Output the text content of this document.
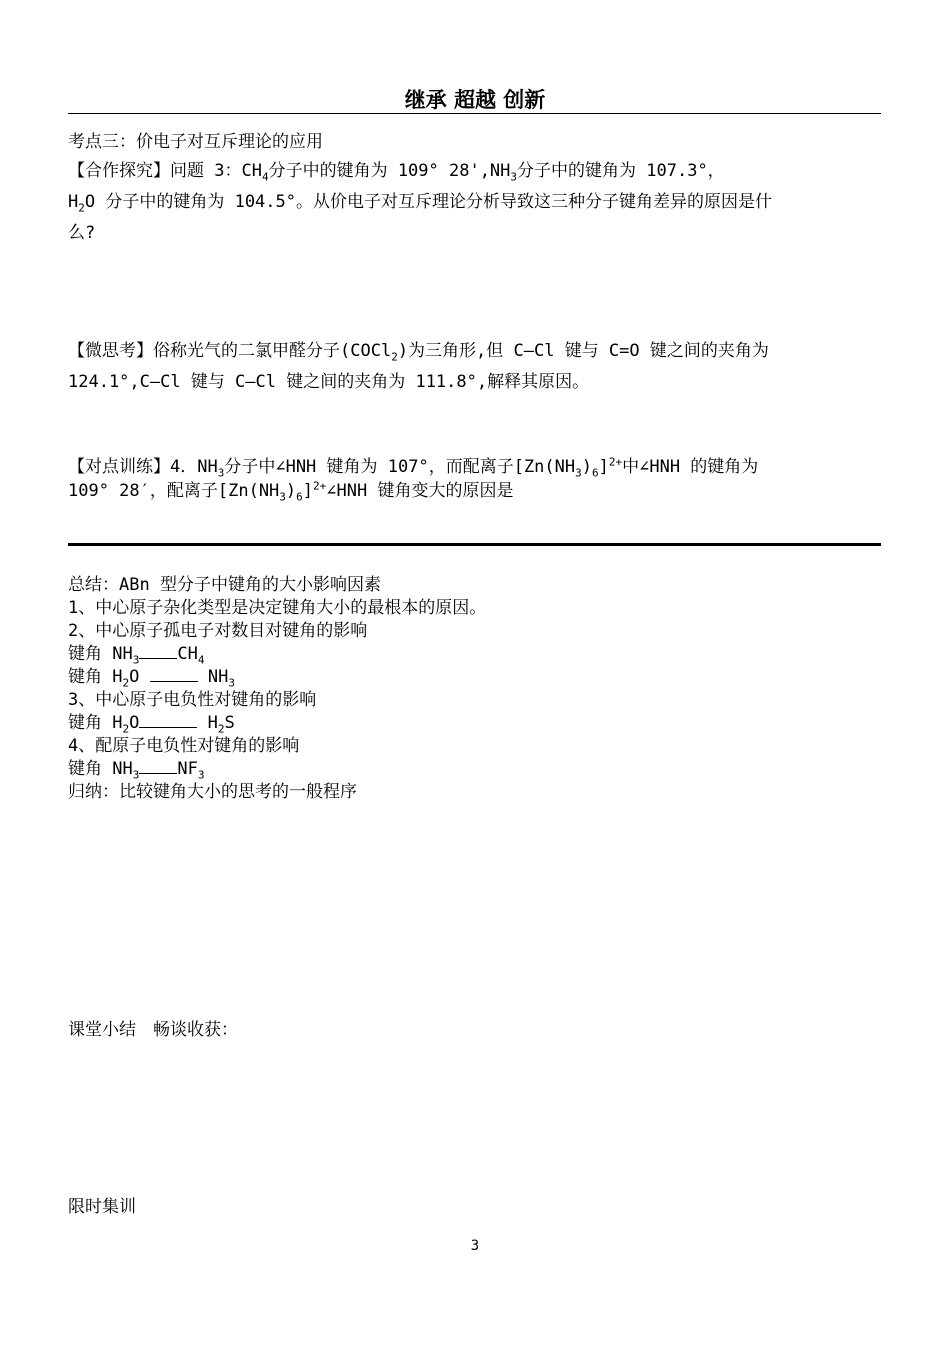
继承 超越 创新
考点三：价电子对互斥理论的应用
【合作探究】问题 3：$CH_4$分子中的键角为 109° $28',NH_3$分子中的键角为 107.3°，
$H_2O$ 分子中的键角为 104.5°。从价电子对互斥理论分析导致这三种分子键角差异的原因是什
么?
【微思考】俗称光气的二氯甲醛分子(COCl$_2$)为三角形,但 C—Cl 键与 C=O 键之间的夹角为
124.1°,C—Cl 键与 C—Cl 键之间的夹角为 111.8°,解释其原因。
【对点训练】4．$NH_3$分子中∠HNH 键角为 107°，而配离子$[Zn(NH_3)_6]^{2+}$中∠HNH 的键角为
109° 28′，配离子$[Zn(NH_3)_6]^{2+}\angle HNH$ 键角变大的原因是
总结：ABn 型分子中键角的大小影响因素
1、中心原子杂化类型是决定键角大小的最根本的原因。
2、中心原子孤电子对数目对键角的影响
键角 $NH_3$ $CH_4$
键角 $H_2O$	$NH_3$
3、中心原子电负性对键角的影响
键角 $H_2O$	$H_2S$
4、配原子电负性对键角的影响
键角 $NH_3$ $NF_3$
归纳：比较键角大小的思考的一般程序
课堂小结　畅谈收获：
限时集训
3
